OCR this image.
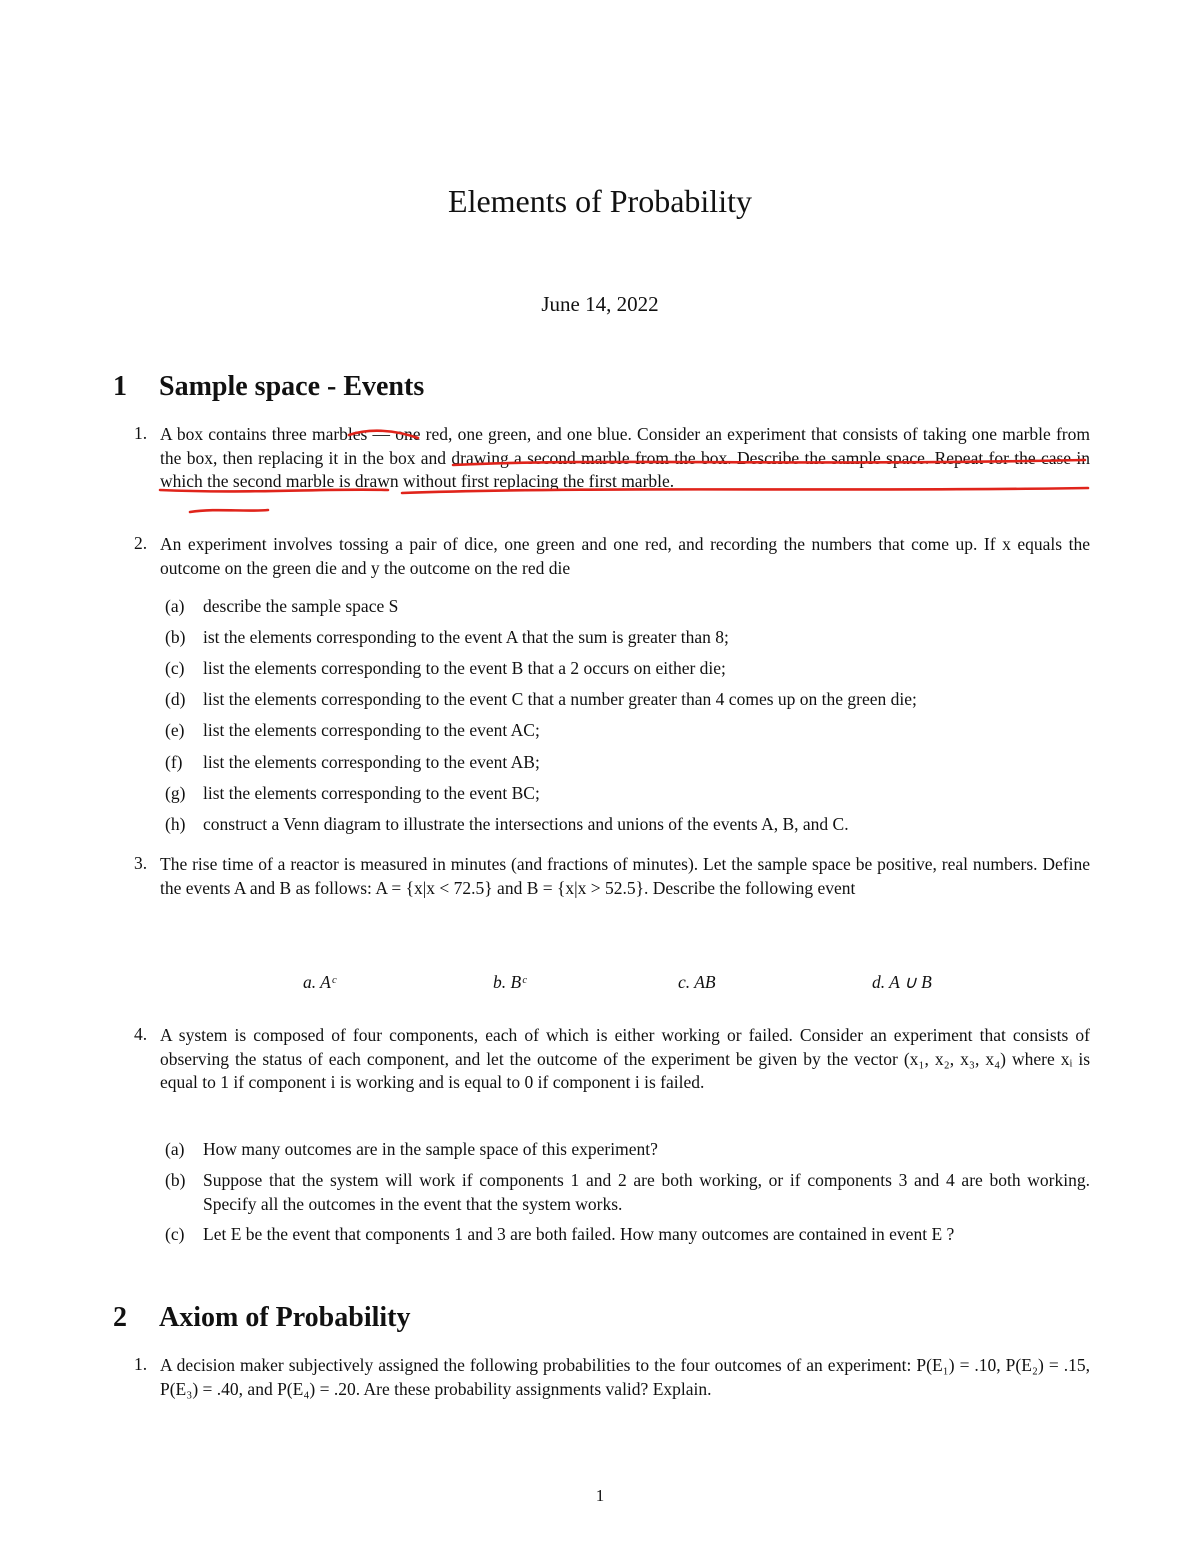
Elements of Probability
June 14, 2022
1 Sample space - Events
1. A box contains three marbles — one red, one green, and one blue. Consider an experiment that consists of taking one marble from the box, then replacing it in the box and drawing a second marble from the box. Describe the sample space. Repeat for the case in which the second marble is drawn without first replacing the first marble.
2. An experiment involves tossing a pair of dice, one green and one red, and recording the numbers that come up. If x equals the outcome on the green die and y the outcome on the red die
(a)	describe the sample space S
(b)	ist the elements corresponding to the event A that the sum is greater than 8;
(c)	list the elements corresponding to the event B that a 2 occurs on either die;
(d)	list the elements corresponding to the event C that a number greater than 4 comes up on the green die;
(e)	list the elements corresponding to the event AC;
(f)	list the elements corresponding to the event AB;
(g)	list the elements corresponding to the event BC;
(h)	construct a Venn diagram to illustrate the intersections and unions of the events A, B, and C.
3. The rise time of a reactor is measured in minutes (and fractions of minutes). Let the sample space be positive, real numbers. Define the events A and B as follows: A = {x|x < 72.5} and B = {x|x > 52.5}. Describe the following event
a. Aᶜ	b. Bᶜ	c. AB	d. A ∪ B
4. A system is composed of four components, each of which is either working or failed. Consider an experiment that consists of observing the status of each component, and let the outcome of the experiment be given by the vector (x₁, x₂, x₃, x₄) where xᵢ is equal to 1 if component i is working and is equal to 0 if component i is failed.
(a)	How many outcomes are in the sample space of this experiment?
(b)	Suppose that the system will work if components 1 and 2 are both working, or if components 3 and 4 are both working. Specify all the outcomes in the event that the system works.
(c)	Let E be the event that components 1 and 3 are both failed. How many outcomes are contained in event E ?
2 Axiom of Probability
1. A decision maker subjectively assigned the following probabilities to the four outcomes of an experiment: P(E₁) = .10, P(E₂) = .15, P(E₃) = .40, and P(E₄) = .20. Are these probability assignments valid? Explain.
1
